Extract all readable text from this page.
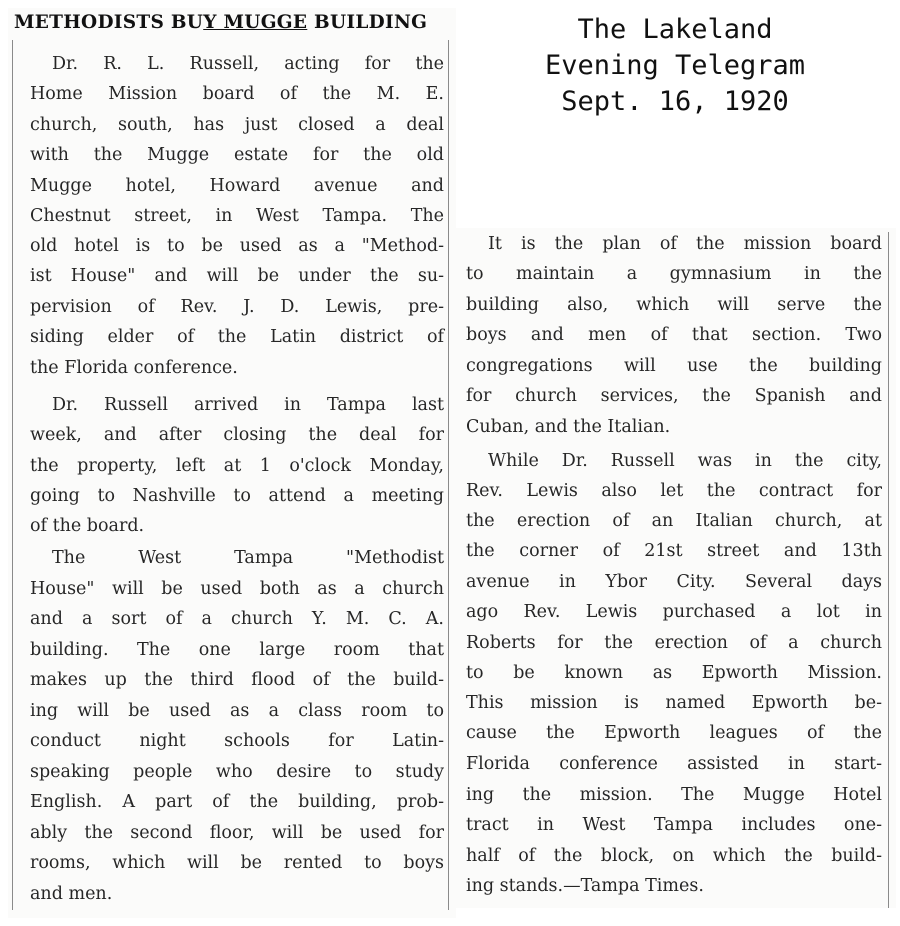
METHODISTS BUY MUGGE BUILDING	The Lakeland
Evening Telegram
Sept. 16, 1920
Dr. R. L. Russell, acting for the
Home Mission board of the M. E.
church, south, has just closed a deal
with the Mugge estate for the old
Mugge hotel, Howard avenue and
Chestnut street, in West Tampa. The
old hotel is to be used as a "Method-
ist House" and will be under the su-
pervision of Rev. J. D. Lewis, pre-
siding elder of the Latin district of
the Florida conference.
Dr. Russell arrived in Tampa last
week, and after closing the deal for
the property, left at 1 o'clock Monday,
going to Nashville to attend a meeting
of the board.
The West Tampa "Methodist
House" will be used both as a church
and a sort of a church Y. M. C. A.
building. The one large room that
makes up the third flood of the build-
ing will be used as a class room to
conduct night schools for Latin-
speaking people who desire to study
English. A part of the building, prob-
ably the second floor, will be used for
rooms, which will be rented to boys
and men.
It is the plan of the mission board
to maintain a gymnasium in the
building also, which will serve the
boys and men of that section. Two
congregations will use the building
for church services, the Spanish and
Cuban, and the Italian.
While Dr. Russell was in the city,
Rev. Lewis also let the contract for
the erection of an Italian church, at
the corner of 21st street and 13th
avenue in Ybor City. Several days
ago Rev. Lewis purchased a lot in
Roberts for the erection of a church
to be known as Epworth Mission.
This mission is named Epworth be-
cause the Epworth leagues of the
Florida conference assisted in start-
ing the mission. The Mugge Hotel
tract in West Tampa includes one-
half of the block, on which the build-
ing stands.—Tampa Times.
